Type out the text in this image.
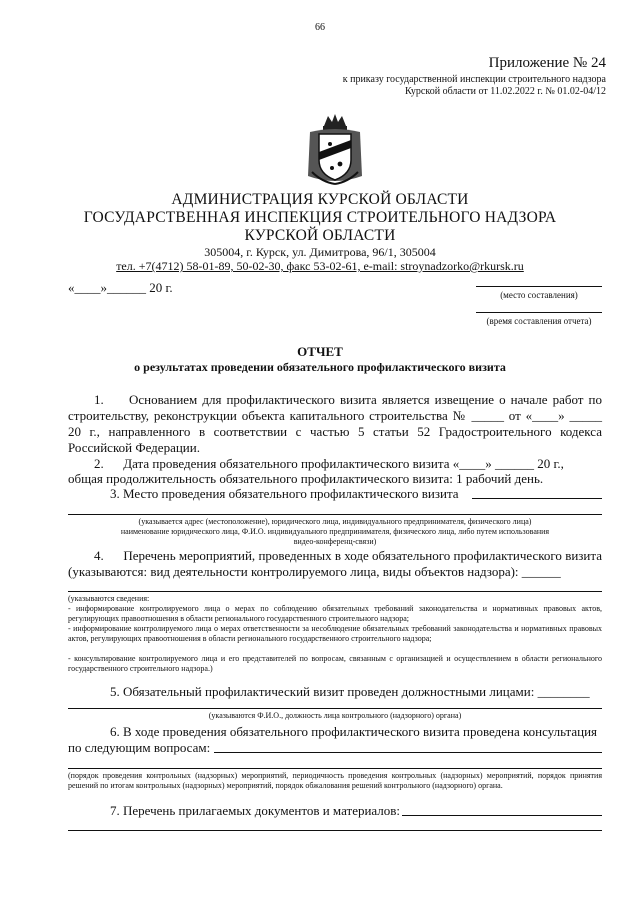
66
Приложение № 24
к приказу государственной инспекции строительного надзора
Курской области от 11.02.2022 г. № 01.02-04/12
АДМИНИСТРАЦИЯ КУРСКОЙ ОБЛАСТИ
ГОСУДАРСТВЕННАЯ ИНСПЕКЦИЯ СТРОИТЕЛЬНОГО НАДЗОРА
КУРСКОЙ ОБЛАСТИ
305004, г. Курск, ул. Димитрова, 96/1, 305004
тел. +7(4712) 58-01-89, 50-02-30, факс 53-02-61, e-mail: stroynadzorko@rkursk.ru
«____»______ 20 г.	(место составления)
(время составления отчета)
ОТЧЕТ
о результатах проведении обязательного профилактического визита
1.     Основанием для профилактического визита является извещение о начале работ по строительству, реконструкции объекта капитального строительства № _____ от «____» _____ 20 г., направленного в соответствии с частью 5 статьи 52 Градостроительного кодекса Российской Федерации.
2.      Дата проведения обязательного профилактического визита «____» ______ 20 г.,
общая продолжительность обязательного профилактического визита: 1 рабочий день.
3. Место проведения обязательного профилактического визита
(указывается адрес (местоположение), юридического лица, индивидуального предпринимателя, физического лица)
наименование юридического лица, Ф.И.О. индивидуального предпринимателя, физического лица, либо путем использования
видео-конференц-связи)
4.      Перечень мероприятий, проведенных в ходе обязательного профилактического визита (указываются: вид деятельности контролируемого лица, виды объектов надзора): ______
(указываются сведения:
- информирование контролируемого лица о мерах по соблюдению обязательных требований законодательства и нормативных правовых актов, регулирующих правоотношения в области регионального государственного строительного надзора;
- информирование контролируемого лица о мерах ответственности за несоблюдение обязательных требований законодательства и нормативных правовых актов, регулирующих правоотношения в области регионального государственного строительного надзора;
- консультирование контролируемого лица и его представителей по вопросам, связанным с организацией и осуществлением в области регионального государственного строительного надзора.)
5. Обязательный профилактический визит проведен должностными лицами: ________
(указываются Ф.И.О., должность лица контрольного (надзорного) органа)
6. В ходе проведения обязательного профилактического визита проведена консультация
по следующим вопросам:
(порядок проведения контрольных (надзорных) мероприятий, периодичность проведения контрольных (надзорных) мероприятий, порядок принятия решений по итогам контрольных (надзорных) мероприятий, порядок обжалования решений контрольного (надзорного) органа.
7. Перечень прилагаемых документов и материалов:
